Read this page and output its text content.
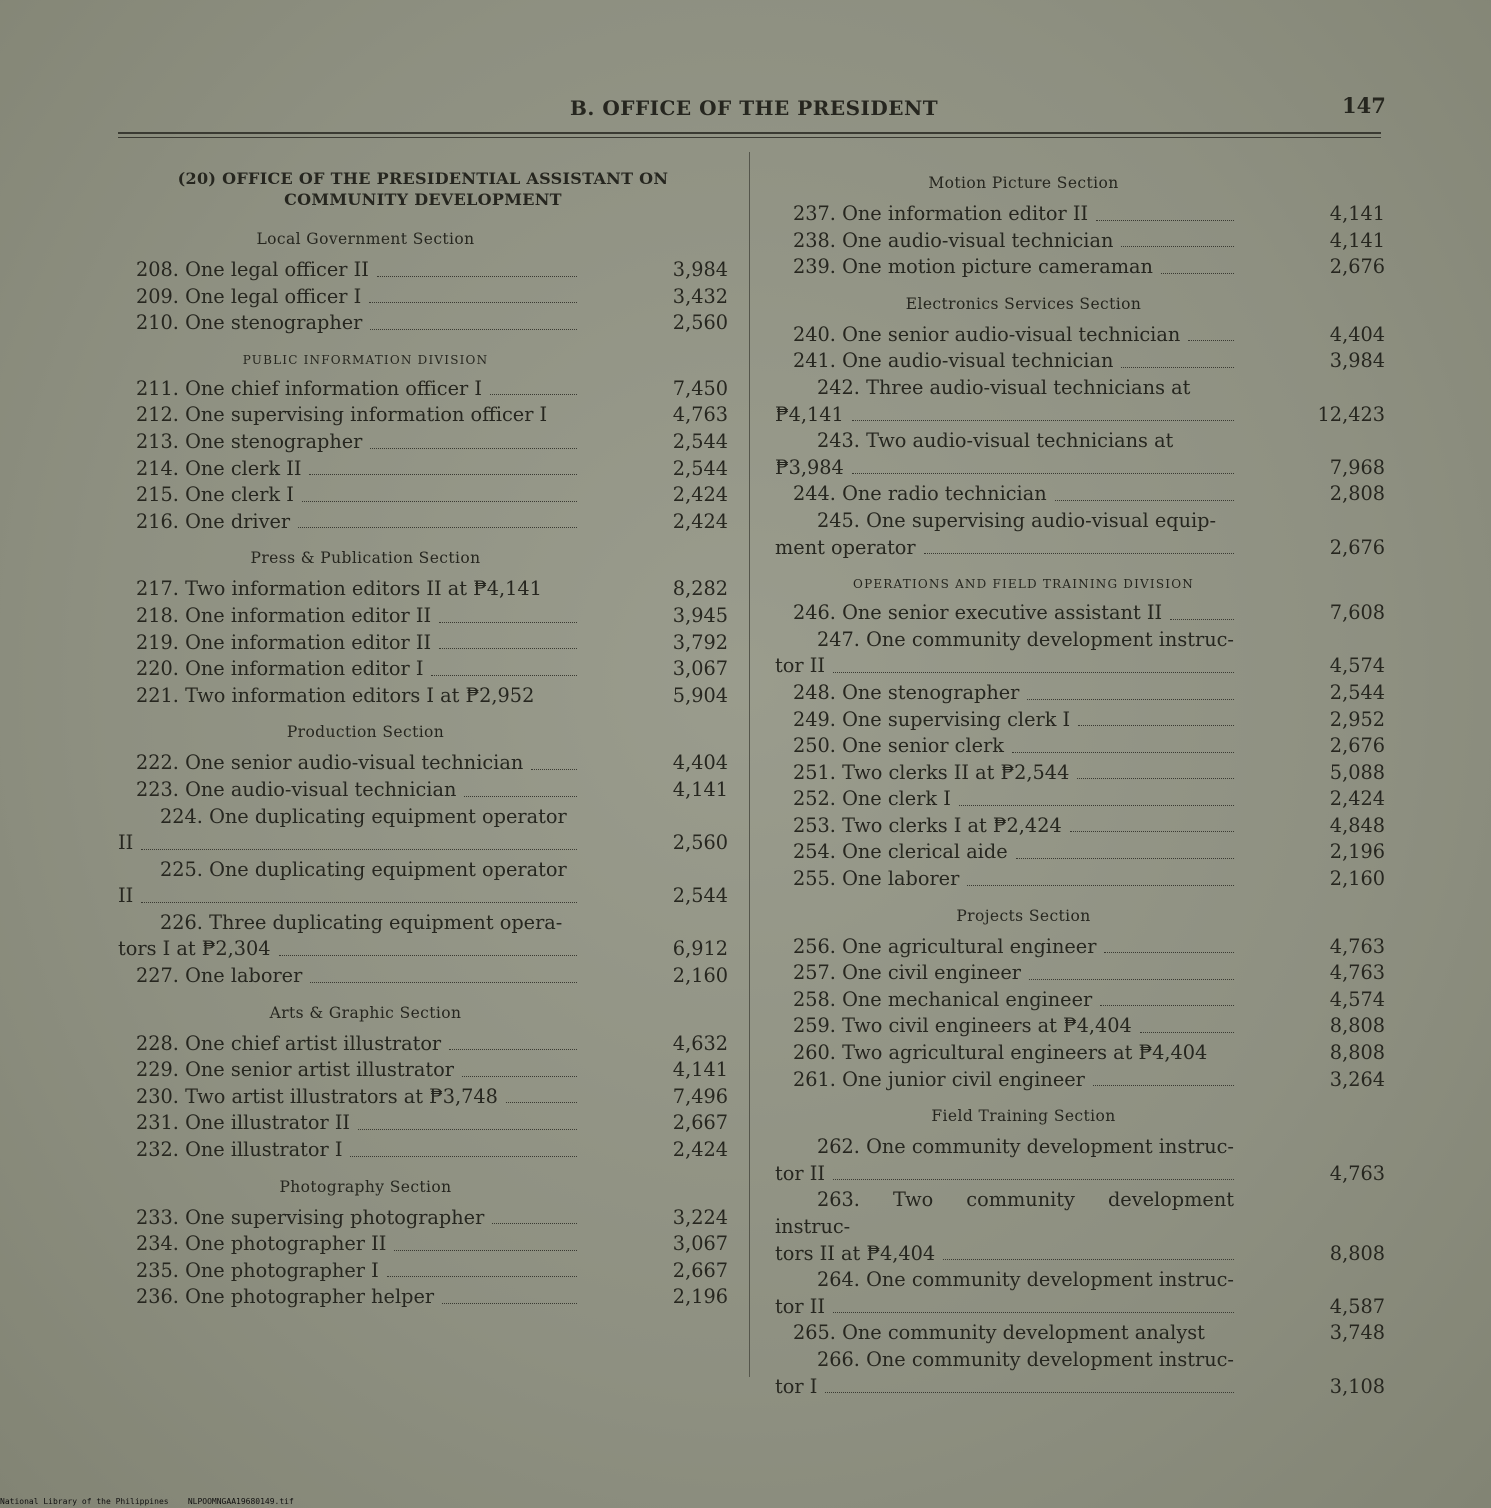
B. OFFICE OF THE PRESIDENT	147
(20) OFFICE OF THE PRESIDENTIAL ASSISTANT ON
COMMUNITY DEVELOPMENT
Local Government Section
208. One legal officer II	3,984
209. One legal officer I	3,432
210. One stenographer	2,560
PUBLIC INFORMATION DIVISION
211. One chief information officer I	7,450
212. One supervising information officer I	4,763
213. One stenographer	2,544
214. One clerk II	2,544
215. One clerk I	2,424
216. One driver	2,424
Press & Publication Section
217. Two information editors II at ₱4,141	8,282
218. One information editor II	3,945
219. One information editor II	3,792
220. One information editor I	3,067
221. Two information editors I at ₱2,952	5,904
Production Section
222. One senior audio-visual technician	4,404
223. One audio-visual technician	4,141
224. One duplicating equipment operator
II	2,560
225. One duplicating equipment operator
II	2,544
226. Three duplicating equipment opera-
tors I at ₱2,304	6,912
227. One laborer	2,160
Arts & Graphic Section
228. One chief artist illustrator	4,632
229. One senior artist illustrator	4,141
230. Two artist illustrators at ₱3,748	7,496
231. One illustrator II	2,667
232. One illustrator I	2,424
Photography Section
233. One supervising photographer	3,224
234. One photographer II	3,067
235. One photographer I	2,667
236. One photographer helper	2,196
Motion Picture Section
237. One information editor II	4,141
238. One audio-visual technician	4,141
239. One motion picture cameraman	2,676
Electronics Services Section
240. One senior audio-visual technician	4,404
241. One audio-visual technician	3,984
242. Three audio-visual technicians at
₱4,141	12,423
243. Two audio-visual technicians at
₱3,984	7,968
244. One radio technician	2,808
245. One supervising audio-visual equip-
ment operator	2,676
OPERATIONS AND FIELD TRAINING DIVISION
246. One senior executive assistant II	7,608
247. One community development instruc-
tor II	4,574
248. One stenographer	2,544
249. One supervising clerk I	2,952
250. One senior clerk	2,676
251. Two clerks II at ₱2,544	5,088
252. One clerk I	2,424
253. Two clerks I at ₱2,424	4,848
254. One clerical aide	2,196
255. One laborer	2,160
Projects Section
256. One agricultural engineer	4,763
257. One civil engineer	4,763
258. One mechanical engineer	4,574
259. Two civil engineers at ₱4,404	8,808
260. Two agricultural engineers at ₱4,404	8,808
261. One junior civil engineer	3,264
Field Training Section
262. One community development instruc-
tor II	4,763
263. Two community development instruc-
tors II at ₱4,404	8,808
264. One community development instruc-
tor II	4,587
265. One community development analyst	3,748
266. One community development instruc-
tor I	3,108
National Library of the Philippines NLPOOMNGAA19680149.tif
